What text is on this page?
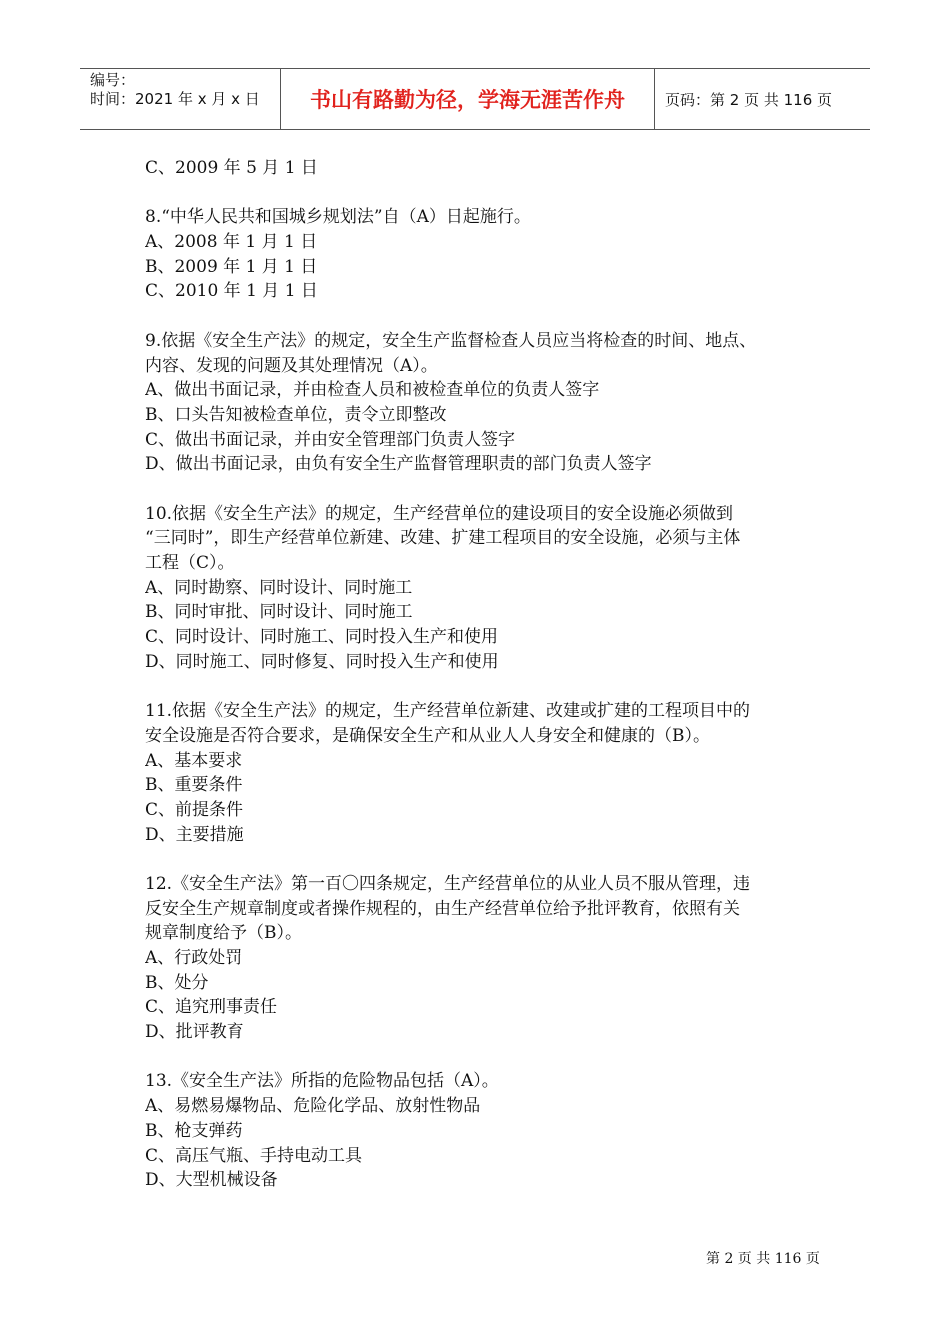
编号：
时间：2021 年 x 月 x 日	书山有路勤为径，学海无涯苦作舟	页码：第 2 页 共 116 页
C、2009 年 5 月 1 日
8.“中华人民共和国城乡规划法”自（A）日起施行。
A、2008 年 1 月 1 日
B、2009 年 1 月 1 日
C、2010 年 1 月 1 日
9.依据《安全生产法》的规定，安全生产监督检查人员应当将检查的时间、地点、
内容、发现的问题及其处理情况（A）。
A、做出书面记录，并由检查人员和被检查单位的负责人签字
B、口头告知被检查单位，责令立即整改
C、做出书面记录，并由安全管理部门负责人签字
D、做出书面记录，由负有安全生产监督管理职责的部门负责人签字
10.依据《安全生产法》的规定，生产经营单位的建设项目的安全设施必须做到
“三同时”，即生产经营单位新建、改建、扩建工程项目的安全设施，必须与主体
工程（C）。
A、同时勘察、同时设计、同时施工
B、同时审批、同时设计、同时施工
C、同时设计、同时施工、同时投入生产和使用
D、同时施工、同时修复、同时投入生产和使用
11.依据《安全生产法》的规定，生产经营单位新建、改建或扩建的工程项目中的
安全设施是否符合要求，是确保安全生产和从业人人身安全和健康的（B）。
A、基本要求
B、重要条件
C、前提条件
D、主要措施
12.《安全生产法》第一百〇四条规定，生产经营单位的从业人员不服从管理，违
反安全生产规章制度或者操作规程的，由生产经营单位给予批评教育，依照有关
规章制度给予（B）。
A、行政处罚
B、处分
C、追究刑事责任
D、批评教育
13.《安全生产法》所指的危险物品包括（A）。
A、易燃易爆物品、危险化学品、放射性物品
B、枪支弹药
C、高压气瓶、手持电动工具
D、大型机械设备
第 2 页 共 116 页
